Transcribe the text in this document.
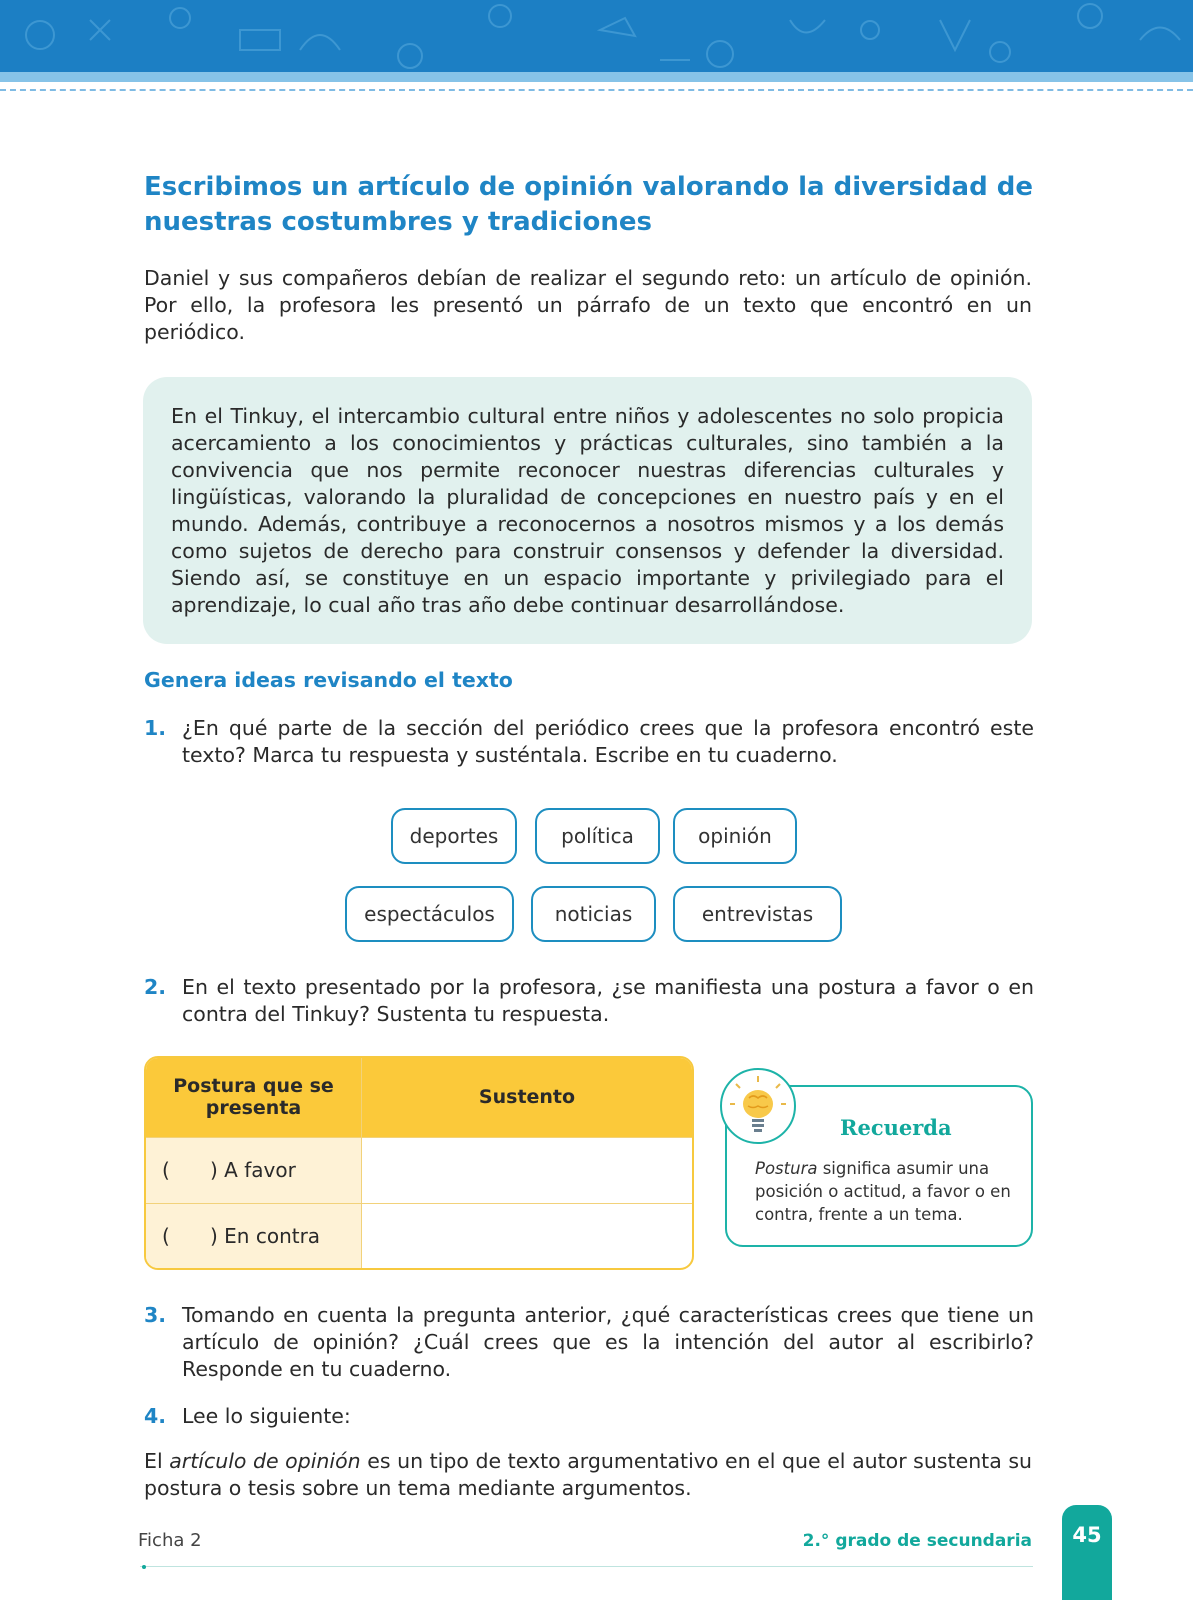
Escribimos un artículo de opinión valorando la diversidad de nuestras costumbres y tradiciones

Daniel y sus compañeros debían de realizar el segundo reto: un artículo de opinión. Por ello, la profesora les presentó un párrafo de un texto que encontró en un periódico.

En el Tinkuy, el intercambio cultural entre niños y adolescentes no solo propicia acercamiento a los conocimientos y prácticas culturales, sino también a la convivencia que nos permite reconocer nuestras diferencias culturales y lingüísticas, valorando la pluralidad de concepciones en nuestro país y en el mundo. Además, contribuye a reconocernos a nosotros mismos y a los demás como sujetos de derecho para construir consensos y defender la diversidad. Siendo así, se constituye en un espacio importante y privilegiado para el aprendizaje, lo cual año tras año debe continuar desarrollándose.

Genera ideas revisando el texto
1. ¿En qué parte de la sección del periódico crees que la profesora encontró este texto? Marca tu respuesta y susténtala. Escribe en tu cuaderno.
deportes	política	opinión
espectáculos	noticias	entrevistas
2. En el texto presentado por la profesora, ¿se manifiesta una postura a favor o en contra del Tinkuy? Sustenta tu respuesta.
Postura que se presenta	Sustento
( ) A favor	
( ) En contra	
Recuerda
Postura significa asumir una posición o actitud, a favor o en contra, frente a un tema.
3. Tomando en cuenta la pregunta anterior, ¿qué características crees que tiene un artículo de opinión? ¿Cuál crees que es la intención del autor al escribirlo? Responde en tu cuaderno.
4. Lee lo siguiente:

El artículo de opinión es un tipo de texto argumentativo en el que el autor sustenta su postura o tesis sobre un tema mediante argumentos.

Ficha 2	2.° grado de secundaria	45
